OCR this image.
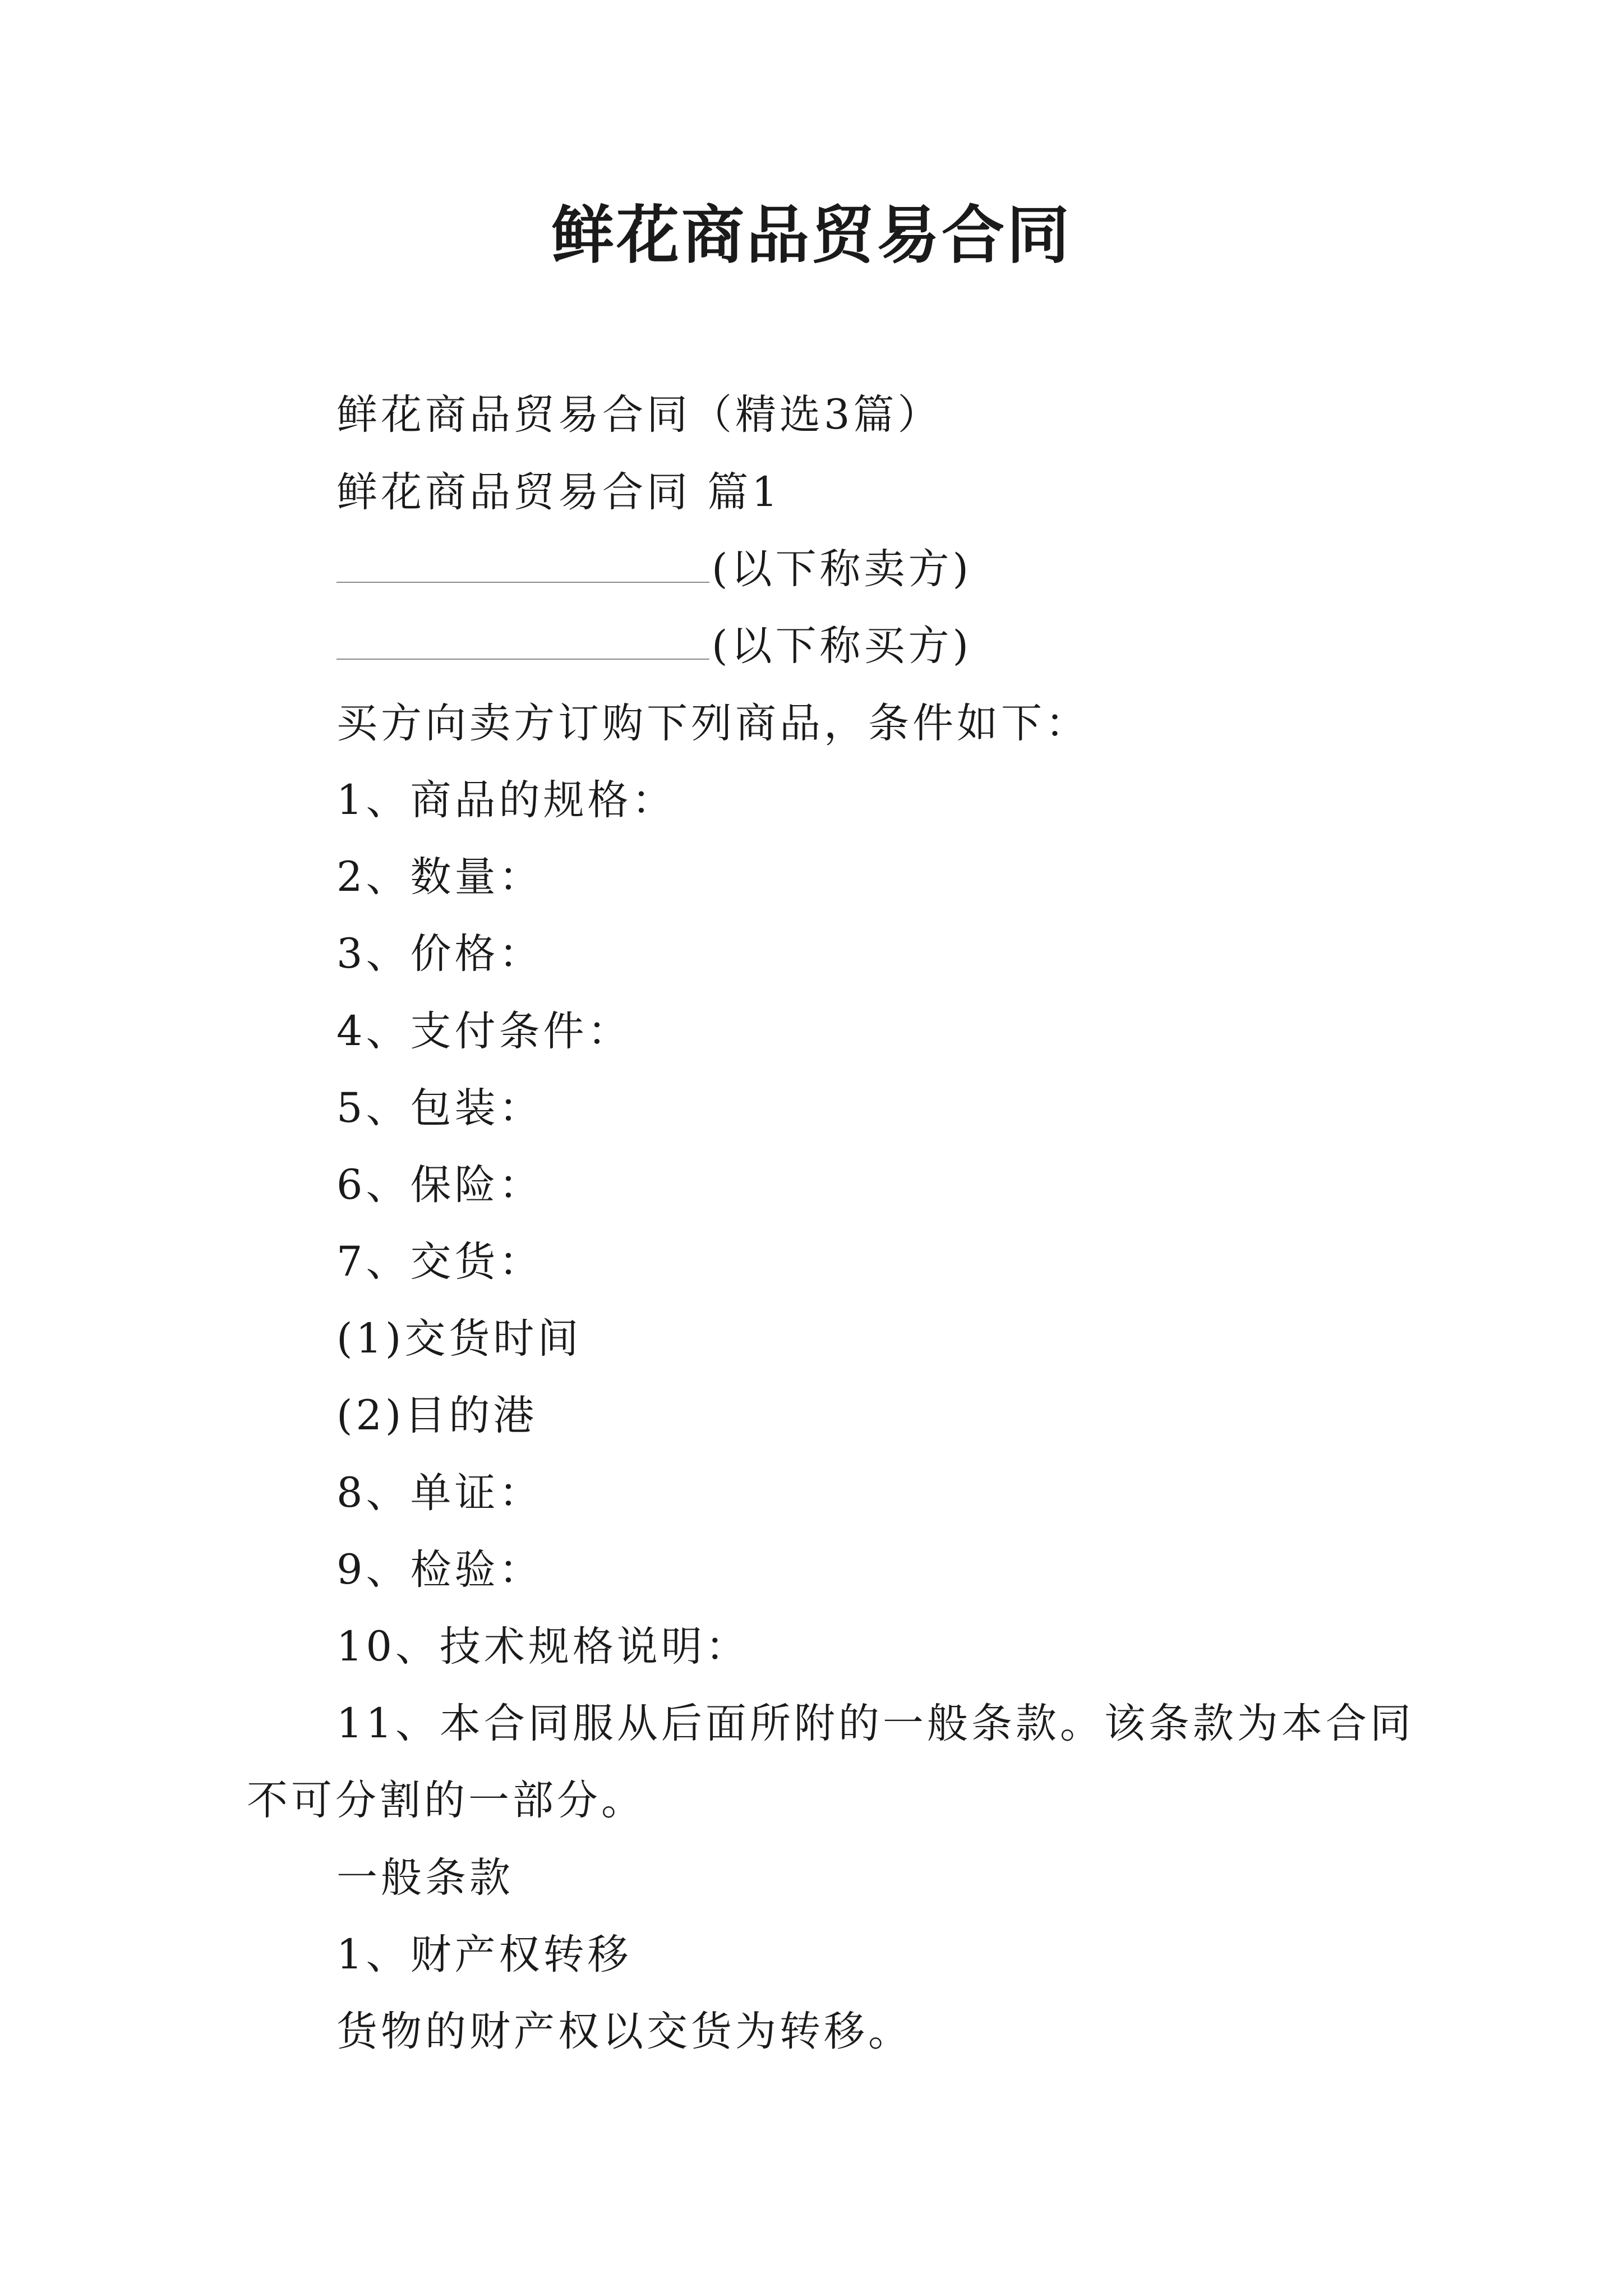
鲜花商品贸易合同
鲜花商品贸易合同（精选3篇）
鲜花商品贸易合同 篇1
(以下称卖方)
(以下称买方)
买方向卖方订购下列商品，条件如下：
1、商品的规格：
2、数量：
3、价格：
4、支付条件：
5、包装：
6、保险：
7、交货：
(1)交货时间
(2)目的港
8、单证：
9、检验：
10、技术规格说明：
11、本合同服从后面所附的一般条款。该条款为本合同
不可分割的一部分。
一般条款
1、财产权转移
货物的财产权以交货为转移。
